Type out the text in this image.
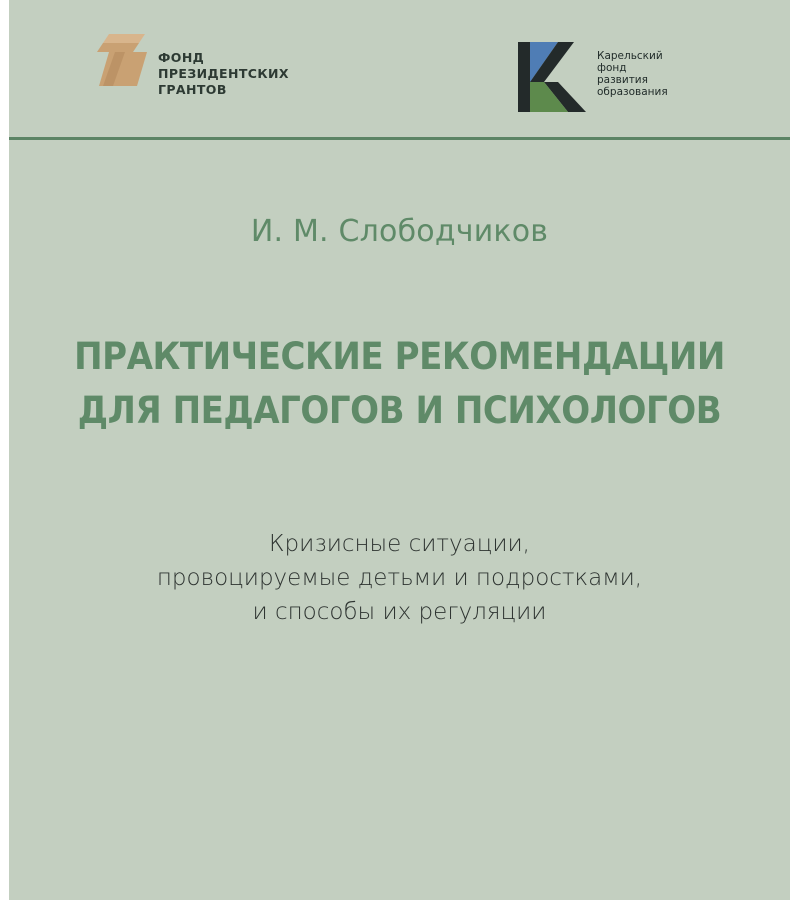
ФОНД
ПРЕЗИДЕНТСКИХ
ГРАНТОВ
Карельский
фонд
развития
образования
И. М. Слободчиков
ПРАКТИЧЕСКИЕ РЕКОМЕНДАЦИИ
ДЛЯ ПЕДАГОГОВ И ПСИХОЛОГОВ
Кризисные ситуации,
провоцируемые детьми и подростками,
и способы их регуляции
